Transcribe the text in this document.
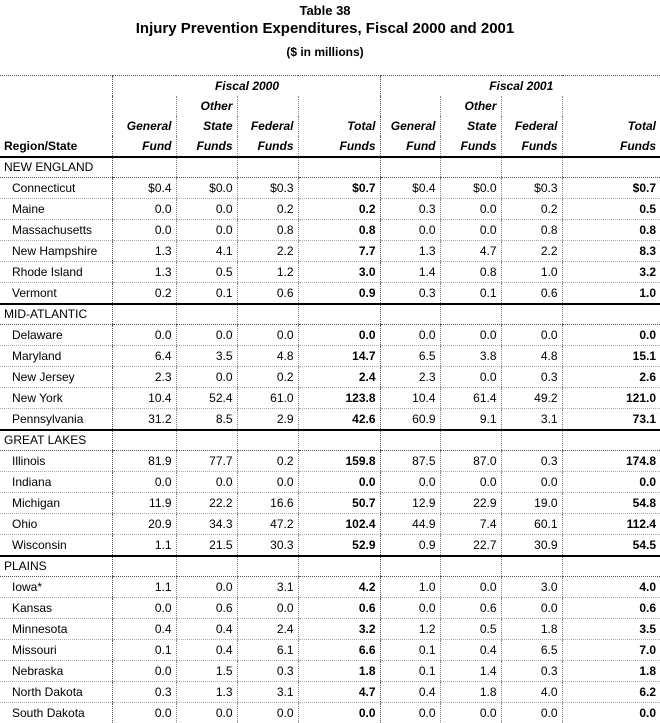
Table 38
Injury Prevention Expenditures, Fiscal 2000 and 2001
($ in millions)
	Fiscal 2000				Fiscal 2001			
		Other				Other		
	General	State	Federal	Total	General	State	Federal	Total
Region/State	Fund	Funds	Funds	Funds	Fund	Funds	Funds	Funds
NEW ENGLAND								
Connecticut	$0.4	$0.0	$0.3	$0.7	$0.4	$0.0	$0.3	$0.7
Maine	0.0	0.0	0.2	0.2	0.3	0.0	0.2	0.5
Massachusetts	0.0	0.0	0.8	0.8	0.0	0.0	0.8	0.8
New Hampshire	1.3	4.1	2.2	7.7	1.3	4.7	2.2	8.3
Rhode Island	1.3	0.5	1.2	3.0	1.4	0.8	1.0	3.2
Vermont	0.2	0.1	0.6	0.9	0.3	0.1	0.6	1.0
MID-ATLANTIC								
Delaware	0.0	0.0	0.0	0.0	0.0	0.0	0.0	0.0
Maryland	6.4	3.5	4.8	14.7	6.5	3.8	4.8	15.1
New Jersey	2.3	0.0	0.2	2.4	2.3	0.0	0.3	2.6
New York	10.4	52.4	61.0	123.8	10.4	61.4	49.2	121.0
Pennsylvania	31.2	8.5	2.9	42.6	60.9	9.1	3.1	73.1
GREAT LAKES								
Illinois	81.9	77.7	0.2	159.8	87.5	87.0	0.3	174.8
Indiana	0.0	0.0	0.0	0.0	0.0	0.0	0.0	0.0
Michigan	11.9	22.2	16.6	50.7	12.9	22.9	19.0	54.8
Ohio	20.9	34.3	47.2	102.4	44.9	7.4	60.1	112.4
Wisconsin	1.1	21.5	30.3	52.9	0.9	22.7	30.9	54.5
PLAINS								
Iowa*	1.1	0.0	3.1	4.2	1.0	0.0	3.0	4.0
Kansas	0.0	0.6	0.0	0.6	0.0	0.6	0.0	0.6
Minnesota	0.4	0.4	2.4	3.2	1.2	0.5	1.8	3.5
Missouri	0.1	0.4	6.1	6.6	0.1	0.4	6.5	7.0
Nebraska	0.0	1.5	0.3	1.8	0.1	1.4	0.3	1.8
North Dakota	0.3	1.3	3.1	4.7	0.4	1.8	4.0	6.2
South Dakota	0.0	0.0	0.0	0.0	0.0	0.0	0.0	0.0
